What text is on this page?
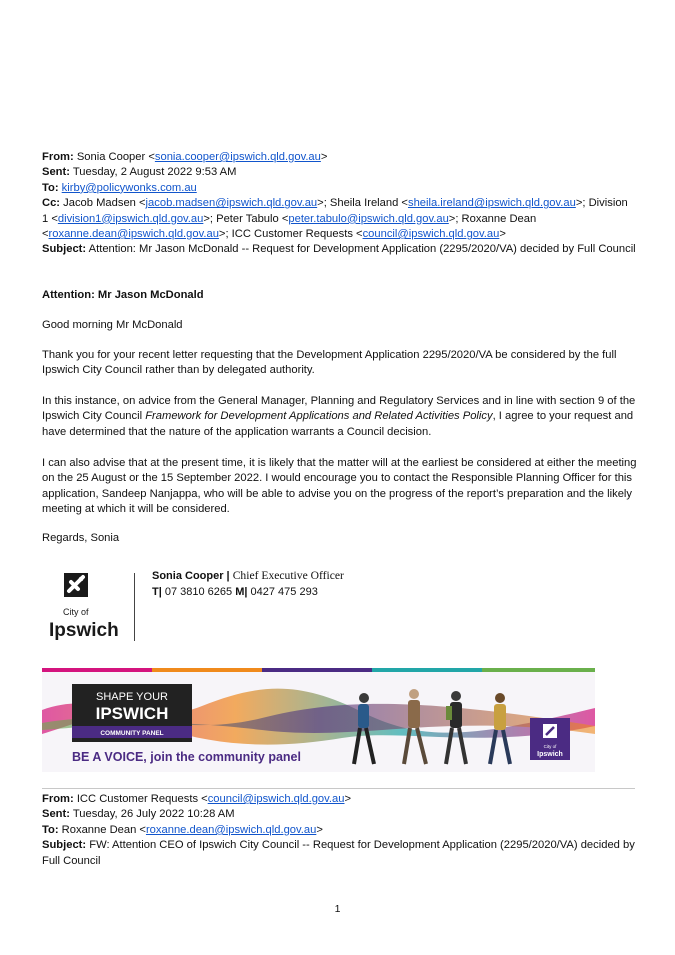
From: Sonia Cooper <sonia.cooper@ipswich.qld.gov.au>
Sent: Tuesday, 2 August 2022 9:53 AM
To: kirby@policywonks.com.au
Cc: Jacob Madsen <jacob.madsen@ipswich.qld.gov.au>; Sheila Ireland <sheila.ireland@ipswich.qld.gov.au>; Division 1 <division1@ipswich.qld.gov.au>; Peter Tabulo <peter.tabulo@ipswich.qld.gov.au>; Roxanne Dean <roxanne.dean@ipswich.qld.gov.au>; ICC Customer Requests <council@ipswich.qld.gov.au>
Subject: Attention: Mr Jason McDonald -- Request for Development Application (2295/2020/VA) decided by Full Council
Attention: Mr Jason McDonald
Good morning Mr McDonald
Thank you for your recent letter requesting that the Development Application 2295/2020/VA be considered by the full Ipswich City Council rather than by delegated authority.
In this instance, on advice from the General Manager, Planning and Regulatory Services and in line with section 9 of the Ipswich City Council Framework for Development Applications and Related Activities Policy, I agree to your request and have determined that the nature of the application warrants a Council decision.
I can also advise that at the present time, it is likely that the matter will at the earliest be considered at either the meeting on the 25 August or the 15 September 2022. I would encourage you to contact the Responsible Planning Officer for this application, Sandeep Nanjappa, who will be able to advise you on the progress of the report’s preparation and the likely meeting at which it will be considered.
Regards, Sonia
City of
Ipswich
Sonia Cooper | Chief Executive Officer
T| 07 3810 6265 M| 0427 475 293
SHAPE YOUR
IPSWICH
COMMUNITY PANEL
BE A VOICE, join the community panel
City of
Ipswich
From: ICC Customer Requests <council@ipswich.qld.gov.au>
Sent: Tuesday, 26 July 2022 10:28 AM
To: Roxanne Dean <roxanne.dean@ipswich.qld.gov.au>
Subject: FW: Attention CEO of Ipswich City Council -- Request for Development Application (2295/2020/VA) decided by Full Council
1
